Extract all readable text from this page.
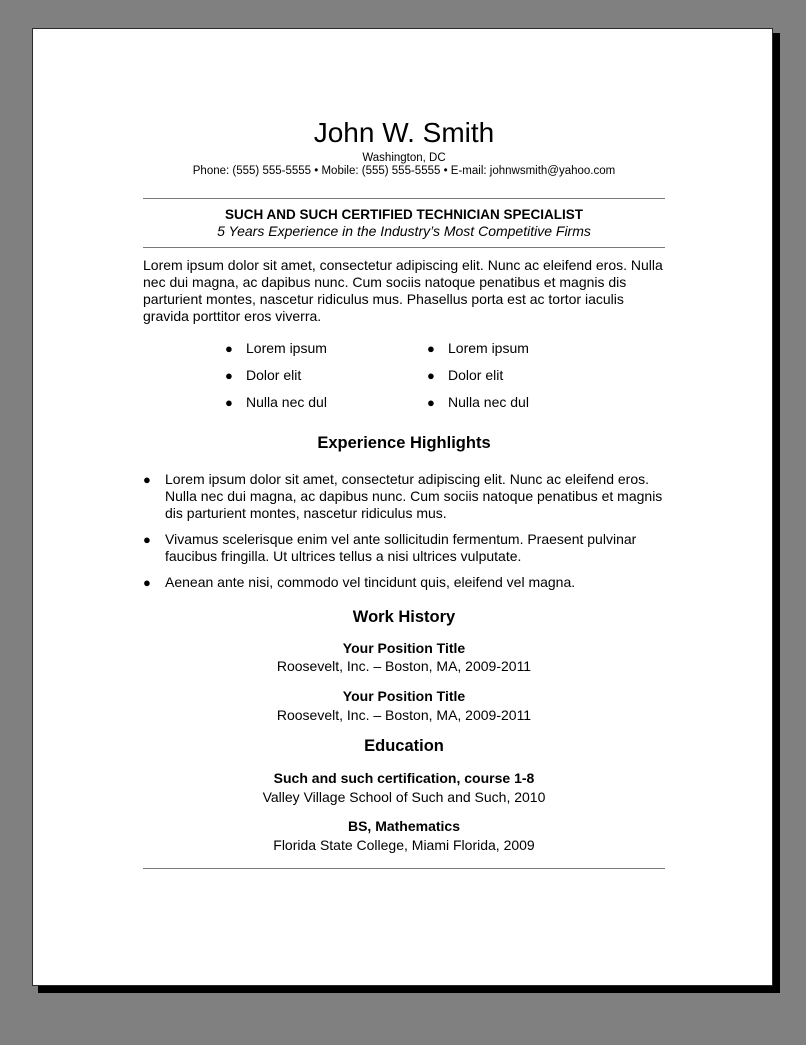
John W. Smith
Washington, DC
Phone: (555) 555-5555 • Mobile: (555) 555-5555 • E-mail: johnwsmith@yahoo.com
SUCH AND SUCH CERTIFIED TECHNICIAN SPECIALIST
5 Years Experience in the Industry’s Most Competitive Firms
Lorem ipsum dolor sit amet, consectetur adipiscing elit. Nunc ac eleifend eros. Nulla nec dui magna, ac dapibus nunc. Cum sociis natoque penatibus et magnis dis parturient montes, nascetur ridiculus mus. Phasellus porta est ac tortor iaculis gravida porttitor eros viverra.
● Lorem ipsum
● Dolor elit
● Nulla nec dul
● Lorem ipsum
● Dolor elit
● Nulla nec dul
Experience Highlights
● Lorem ipsum dolor sit amet, consectetur adipiscing elit. Nunc ac eleifend eros. Nulla nec dui magna, ac dapibus nunc. Cum sociis natoque penatibus et magnis dis parturient montes, nascetur ridiculus mus.
● Vivamus scelerisque enim vel ante sollicitudin fermentum. Praesent pulvinar faucibus fringilla. Ut ultrices tellus a nisi ultrices vulputate.
● Aenean ante nisi, commodo vel tincidunt quis, eleifend vel magna.
Work History
Your Position Title
Roosevelt, Inc. – Boston, MA, 2009-2011
Your Position Title
Roosevelt, Inc. – Boston, MA, 2009-2011
Education
Such and such certification, course 1-8
Valley Village School of Such and Such, 2010
BS, Mathematics
Florida State College, Miami Florida, 2009
